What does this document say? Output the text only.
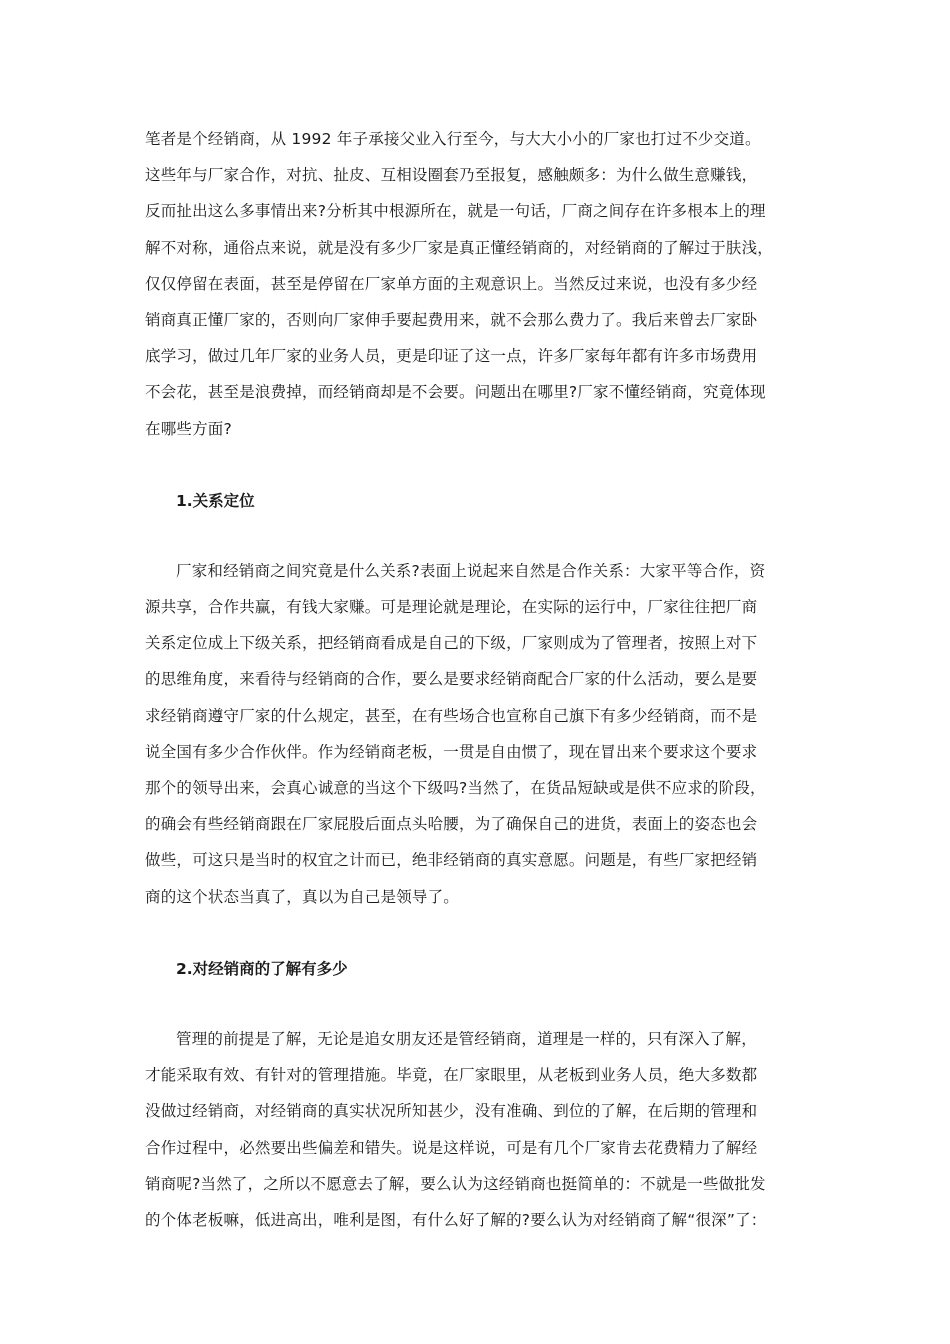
笔者是个经销商，从 1992 年子承接父业入行至今，与大大小小的厂家也打过不少交道。
这些年与厂家合作，对抗、扯皮、互相设圈套乃至报复，感触颇多：为什么做生意赚钱，
反而扯出这么多事情出来?分析其中根源所在，就是一句话，厂商之间存在许多根本上的理
解不对称，通俗点来说，就是没有多少厂家是真正懂经销商的，对经销商的了解过于肤浅，
仅仅停留在表面，甚至是停留在厂家单方面的主观意识上。当然反过来说，也没有多少经
销商真正懂厂家的，否则向厂家伸手要起费用来，就不会那么费力了。我后来曾去厂家卧
底学习，做过几年厂家的业务人员，更是印证了这一点，许多厂家每年都有许多市场费用
不会花，甚至是浪费掉，而经销商却是不会要。问题出在哪里?厂家不懂经销商，究竟体现
在哪些方面?
1.关系定位
厂家和经销商之间究竟是什么关系?表面上说起来自然是合作关系：大家平等合作，资
源共享，合作共赢，有钱大家赚。可是理论就是理论，在实际的运行中，厂家往往把厂商
关系定位成上下级关系，把经销商看成是自己的下级，厂家则成为了管理者，按照上对下
的思维角度，来看待与经销商的合作，要么是要求经销商配合厂家的什么活动，要么是要
求经销商遵守厂家的什么规定，甚至，在有些场合也宣称自己旗下有多少经销商，而不是
说全国有多少合作伙伴。作为经销商老板，一贯是自由惯了，现在冒出来个要求这个要求
那个的领导出来，会真心诚意的当这个下级吗?当然了，在货品短缺或是供不应求的阶段，
的确会有些经销商跟在厂家屁股后面点头哈腰，为了确保自己的进货，表面上的姿态也会
做些，可这只是当时的权宜之计而已，绝非经销商的真实意愿。问题是，有些厂家把经销
商的这个状态当真了，真以为自己是领导了。
2.对经销商的了解有多少
管理的前提是了解，无论是追女朋友还是管经销商，道理是一样的，只有深入了解，
才能采取有效、有针对的管理措施。毕竟，在厂家眼里，从老板到业务人员，绝大多数都
没做过经销商，对经销商的真实状况所知甚少，没有准确、到位的了解，在后期的管理和
合作过程中，必然要出些偏差和错失。说是这样说，可是有几个厂家肯去花费精力了解经
销商呢?当然了，之所以不愿意去了解，要么认为这经销商也挺简单的：不就是一些做批发
的个体老板嘛，低进高出，唯利是图，有什么好了解的?要么认为对经销商了解“很深”了：
